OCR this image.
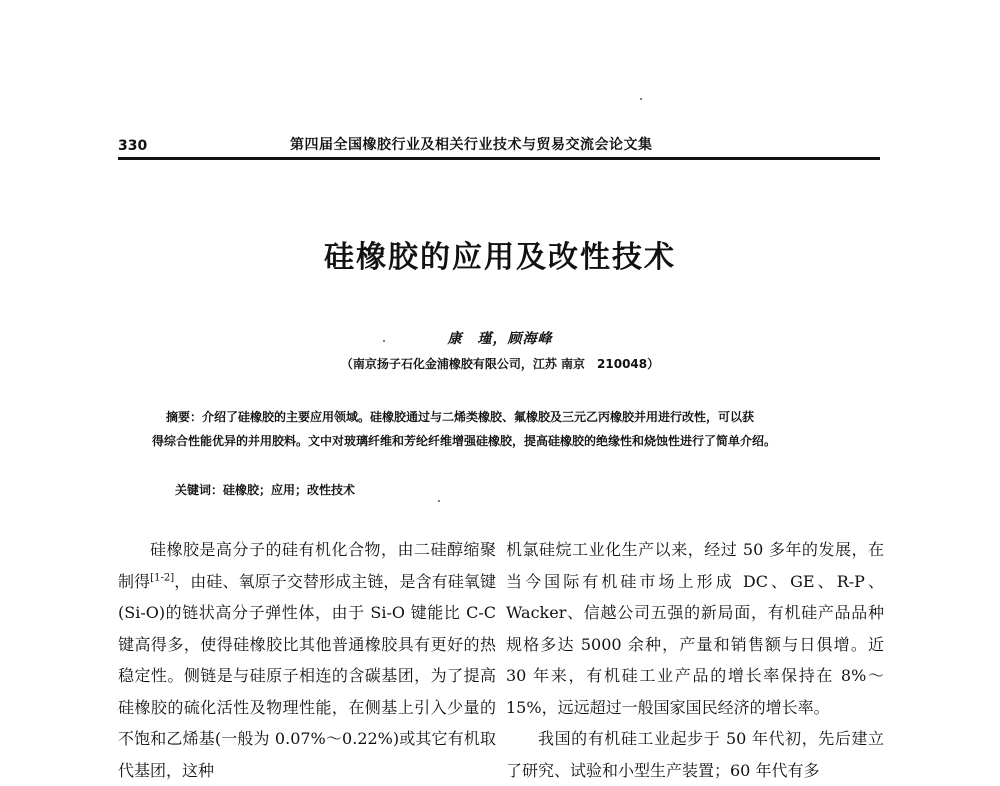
330	第四届全国橡胶行业及相关行业技术与贸易交流会论文集
硅橡胶的应用及改性技术
康　瑾，顾海峰
（南京扬子石化金浦橡胶有限公司，江苏 南京　210048）
摘要：介绍了硅橡胶的主要应用领域。硅橡胶通过与二烯类橡胶、氟橡胶及三元乙丙橡胶并用进行改性，可以获
得综合性能优异的并用胶料。文中对玻璃纤维和芳纶纤维增强硅橡胶，提高硅橡胶的绝缘性和烧蚀性进行了简单介绍。
关键词：硅橡胶；应用；改性技术

硅橡胶是高分子的硅有机化合物，由二硅醇缩聚制得[1-2]，由硅、氧原子交替形成主链，是含有硅氧键(Si-O)的链状高分子弹性体，由于 Si-O 键能比 C-C 键高得多，使得硅橡胶比其他普通橡胶具有更好的热稳定性。侧链是与硅原子相连的含碳基团，为了提高硅橡胶的硫化活性及物理性能，在侧基上引入少量的不饱和乙烯基(一般为 0.07%～0.22%)或其它有机取代基团，这种

机氯硅烷工业化生产以来，经过 50 多年的发展，在当今国际有机硅市场上形成 DC、GE、R-P、Wacker、信越公司五强的新局面，有机硅产品品种规格多达 5000 余种，产量和销售额与日俱增。近 30 年来，有机硅工业产品的增长率保持在 8%～15%，远远超过一般国家国民经济的增长率。

我国的有机硅工业起步于 50 年代初，先后建立了研究、试验和小型生产装置；60 年代有多
